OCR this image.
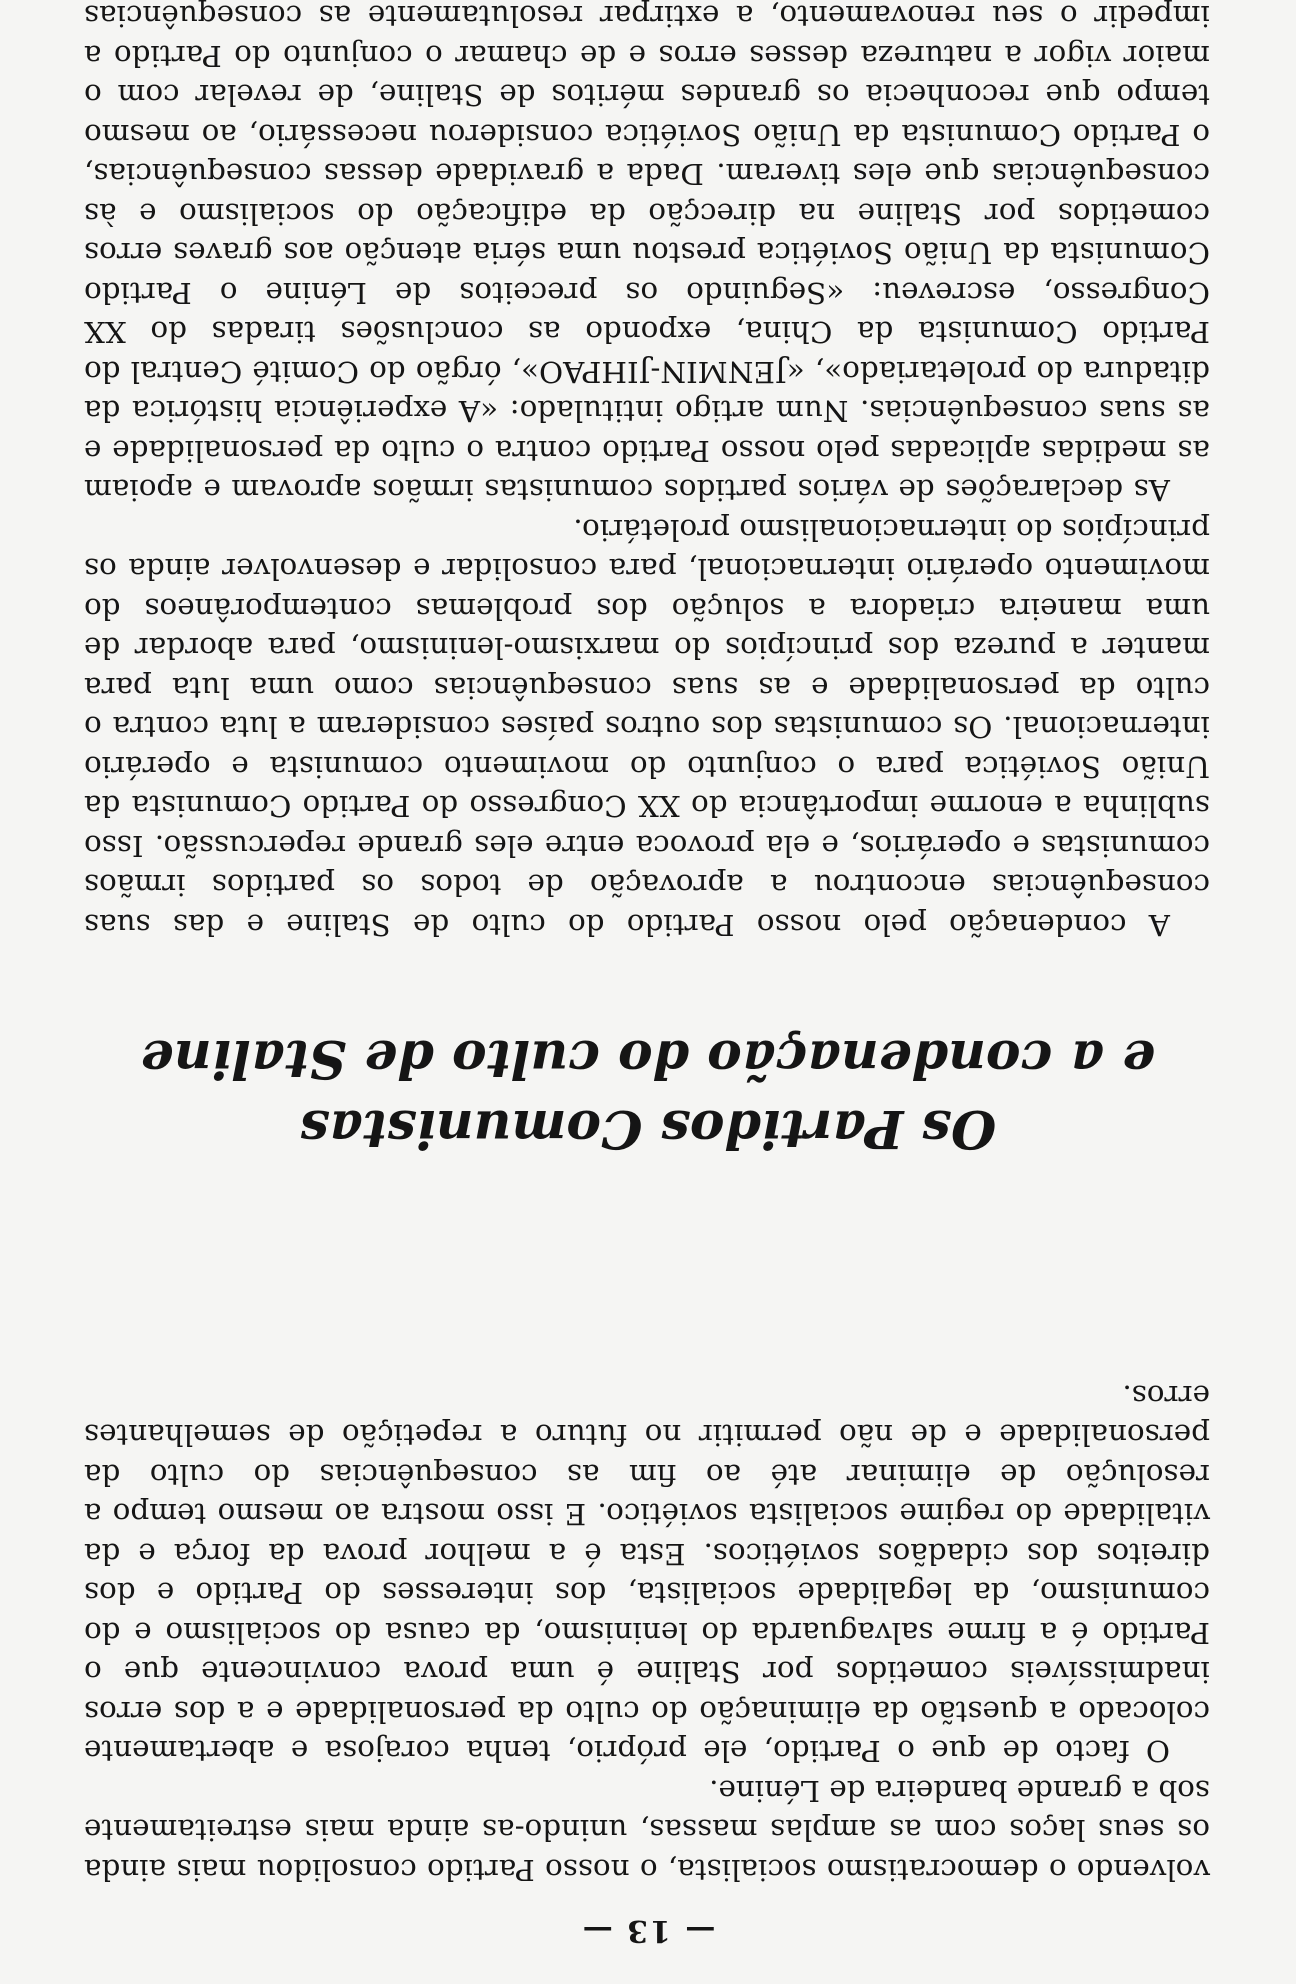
— 13 —

volvendo o democratismo socialista, o nosso Partido consolidou mais ainda os seus laços com as amplas massas, unindo-as ainda mais estreitamente sob a grande bandeira de Lénine.

O facto de que o Partido, ele próprio, tenha corajosa e abertamente colocado a questão da eliminação do culto da personalidade e a dos erros inadmissíveis cometidos por Staline é uma prova convincente que o Partido é a firme salvaguarda do leninismo, da causa do socialismo e do comunismo, da legalidade socialista, dos interesses do Partido e dos direitos dos cidadãos soviéticos. Esta é a melhor prova da força e da vitalidade do regime socialista soviético. E isso mostra ao mesmo tempo a resolução de eliminar até ao fim as consequências do culto da personalidade e de não permitir no futuro a repetição de semelhantes erros.

Os Partidos Comunistas
e a condenação do culto de Staline

A condenação pelo nosso Partido do culto de Staline e das suas consequências encontrou a aprovação de todos os partidos irmãos comunistas e operários, e ela provoca entre eles grande repercussão. Isso sublinha a enorme importância do XX Congresso do Partido Comunista da União Soviética para o conjunto do movimento comunista e operário internacional. Os comunistas dos outros países consideram a luta contra o culto da personalidade e as suas consequências como uma luta para manter a pureza dos princípios do marxismo-leninismo, para abordar de uma maneira criadora a solução dos problemas contemporâneos do movimento operário internacional, para consolidar e desenvolver ainda os princípios do internacionalismo proletário.

As declarações de vários partidos comunistas irmãos aprovam e apoiam as medidas aplicadas pelo nosso Partido contra o culto da personalidade e as suas consequências. Num artigo intitulado: «A experiência histórica da ditadura do proletariado», «JENMIN-JIHPAO», órgão do Comité Central do Partido Comunista da China, expondo as conclusões tiradas do XX Congresso, escreveu: «Seguindo os preceitos de Lénine o Partido Comunista da União Soviética prestou uma séria atenção aos graves erros cometidos por Staline na direcção da edificação do socialismo e às consequências que eles tiveram. Dada a gravidade dessas consequências, o Partido Comunista da União Soviética considerou necessário, ao mesmo tempo que reconhecia os grandes méritos de Staline, de revelar com o maior vigor a natureza desses erros e de chamar o conjunto do Partido a impedir o seu renovamento, a extirpar resolutamente as consequências
